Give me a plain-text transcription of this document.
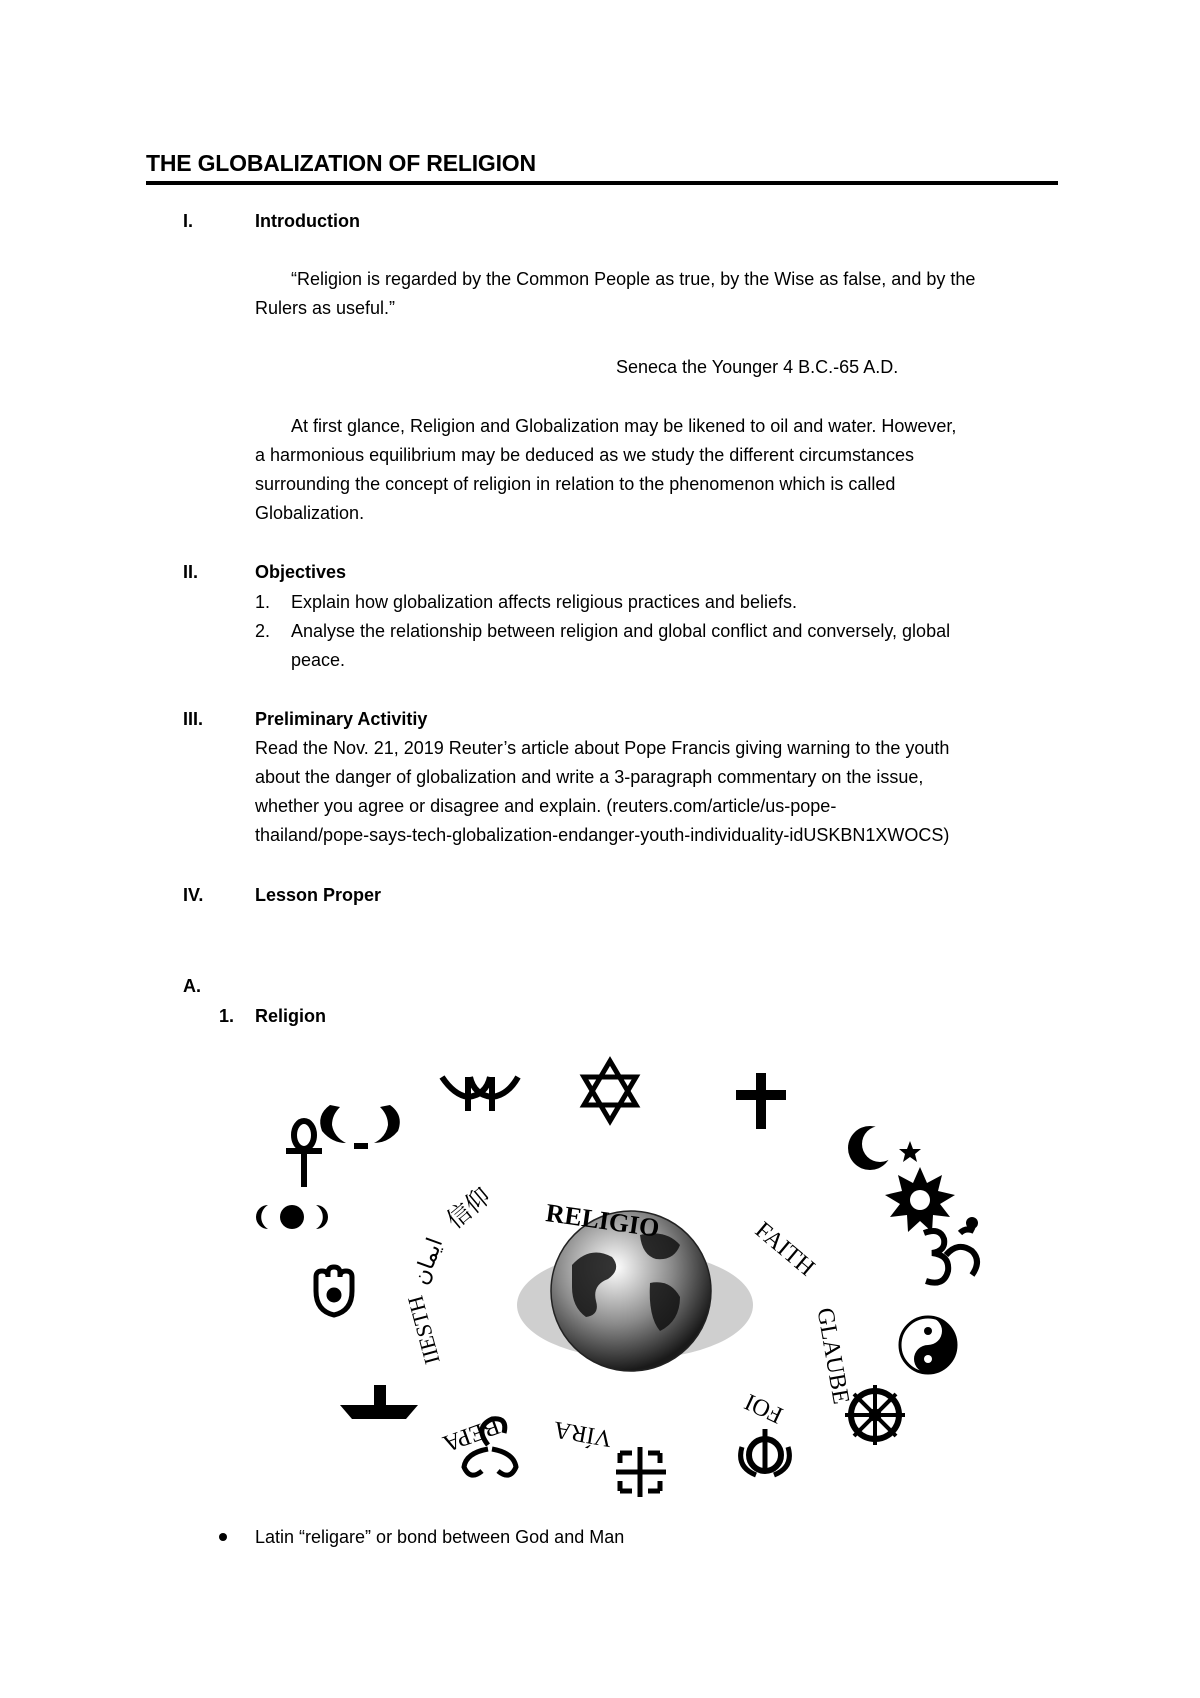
THE GLOBALIZATION OF RELIGION
I.	Introduction
“Religion is regarded by the Common People as true, by the Wise as false, and by the
Rulers as useful.”
Seneca the Younger 4 B.C.-65 A.D.
At first glance, Religion and Globalization may be likened to oil and water. However,
a harmonious equilibrium may be deduced as we study the different circumstances
surrounding the concept of religion in relation to the phenomenon which is called
Globalization.
II.	Objectives
1. Explain how globalization affects religious practices and beliefs.
2. Analyse the relationship between religion and global conflict and conversely, global
peace.
III.	Preliminary Activitiy
Read the Nov. 21, 2019 Reuter’s article about Pope Francis giving warning to the youth
about the danger of globalization and write a 3-paragraph commentary on the issue,
whether you agree or disagree and explain. (reuters.com/article/us-pope-
thailand/pope-says-tech-globalization-endanger-youth-individuality-idUSKBN1XWOCS)
IV.	Lesson Proper
A.
1. Religion
RELIGIO	FAITH
GLAUBE
FOI
VÍRA
ВЕРА
IIESTH
ایمان
信仰
Latin “religare” or bond between God and Man
